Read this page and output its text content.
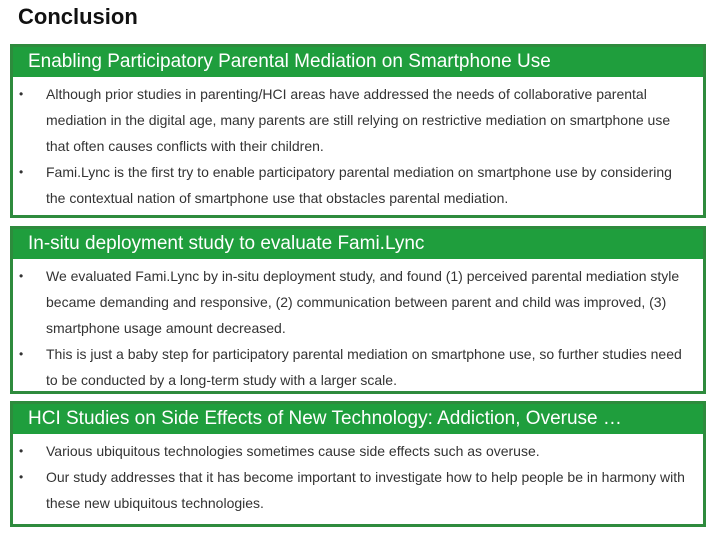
Conclusion
Enabling Participatory Parental Mediation on Smartphone Use
•	Although prior studies in parenting/HCI areas have addressed the needs of collaborative parental mediation in the digital age, many parents are still relying on restrictive mediation on smartphone use that often causes conflicts with their children.
•	Fami.Lync is the first try to enable participatory parental mediation on smartphone use by considering the contextual nation of smartphone use that obstacles parental mediation.
In-situ deployment study to evaluate Fami.Lync
•	We evaluated Fami.Lync by in-situ deployment study, and found (1) perceived parental mediation style became demanding and responsive, (2) communication between parent and child was improved, (3) smartphone usage amount decreased.
•	This is just a baby step for participatory parental mediation on smartphone use, so further studies need to be conducted by a long-term study with a larger scale.
HCI Studies on Side Effects of New Technology: Addiction, Overuse …
•	Various ubiquitous technologies sometimes cause side effects such as overuse.
•	Our study addresses that it has become important to investigate how to help people be in harmony with these new ubiquitous technologies.
